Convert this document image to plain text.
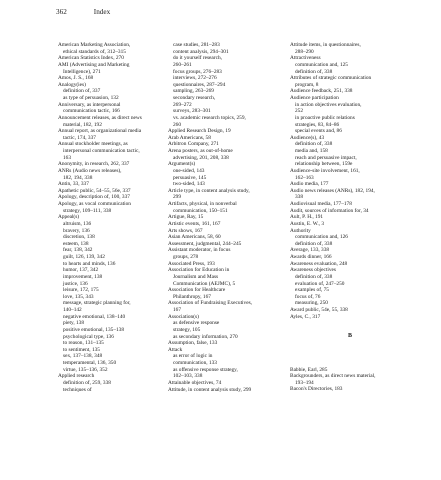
362	Index
American Marketing Association,
ethical standards of, 312–315
American Statistics Index, 270
AMI (Advertising and Marketing
Intelligence), 271
Amos, J. S., 168
Analogy(ies)
definition of, 337
as type of persuasion, 132
Anniversary, as interpersonal
communication tactic, 166
Announcement releases, as direct news
material, 182, 192
Annual report, as organizational media
tactic, 174, 337
Annual stockholder meetings, as
interpersonal communication tactic,
163
Anonymity, in research, 262, 337
ANRs (Audio news releases),
182, 194, 338
Antin, 33, 337
Apathetic public, 54–55, 56e, 337
Apology, description of, 100, 337
Apology, as vocal communication
strategy, 109–111, 338
Appeal(s)
altruism, 136
bravery, 136
discretion, 138
esteem, 138
fear, 138, 342
guilt, 126, 139, 342
to hearts and minds, 136
humor, 137, 342
improvement, 138
justice, 136
leisure, 172, 175
love, 135, 343
message, strategic planning for,
140–142
negative emotional, 138–140
piety, 138
positive emotional, 135–138
psychological type, 136
to reason, 131–135
to sentiment, 135
sex, 137–138, 348
temperamental, 136, 350
virtue, 135–136, 352
Applied research
definition of, 259, 338
techniques of
case studies, 281–283
content analysis, 294–301
do it yourself research,
260–261
focus groups, 276–283
interviews, 272–276
questionnaires, 287–294
sampling, 263–269
secondary research,
269–272
surveys, 283–301
vs. academic research topics, 259,
260
Applied Research Design, 19
Arab Americans, 58
Arbitron Company, 271
Arena posters, as out-of-home
advertising, 201, 208, 338
Argument(s)
one-sided, 143
persuasive, 145
two-sided, 143
Article type, in content analysis study,
299
Artifacts, physical, in nonverbal
communication, 150–151
Artigue, Ray, 15
Artistic events, 161, 167
Arts shows, 167
Asian Americans, 58, 60
Assessment, judgmental, 244–245
Assistant moderator, in focus
groups, 278
Associated Press, 193
Association for Education in
Journalism and Mass
Communication (AEJMC), 5
Association for Healthcare
Philanthropy, 167
Association of Fundraising Executives,
167
Association(s)
as defensive response
strategy, 105
as secondary information, 270
Assumption, false, 133
Attack
as error of logic in
communication, 133
as offensive response strategy,
102–103, 338
Attainable objectives, 74
Attitude, in content analysis study, 299
Attitude items, in questionnaires,
288–290
Attractiveness
communication and, 125
definition of, 338
Attributes of strategic communication
program, 8
Audience feedback, 251, 338
Audience participation
in action objectives evaluation,
252
in proactive public relations
strategies, 83, 84–86
special events and, 86
Audience(s), 43
definition of, 338
media and, 158
reach and persuasive impact,
relationship between, 159e
Audience-site involvement, 161,
162–163
Audio media, 177
Audio news releases (ANRs), 182, 194,
338
Audiovisual media, 177–178
Audit, sources of information for, 34
Ault, P. H., 191
Austin, E. W., 3
Authority
communication and, 126
definition of, 338
Average, 133, 338
Awards dinner, 166
Awareness evaluation, 248
Awareness objectives
definition of, 338
evaluation of, 247–250
examples of, 75
focus of, 76
measuring, 250
Award public, 54e, 55, 338
Ayles, C., 317
B
Babbie, Earl, 285
Backgrounders, as direct news material,
193–194
Bacon's Directories, 183
